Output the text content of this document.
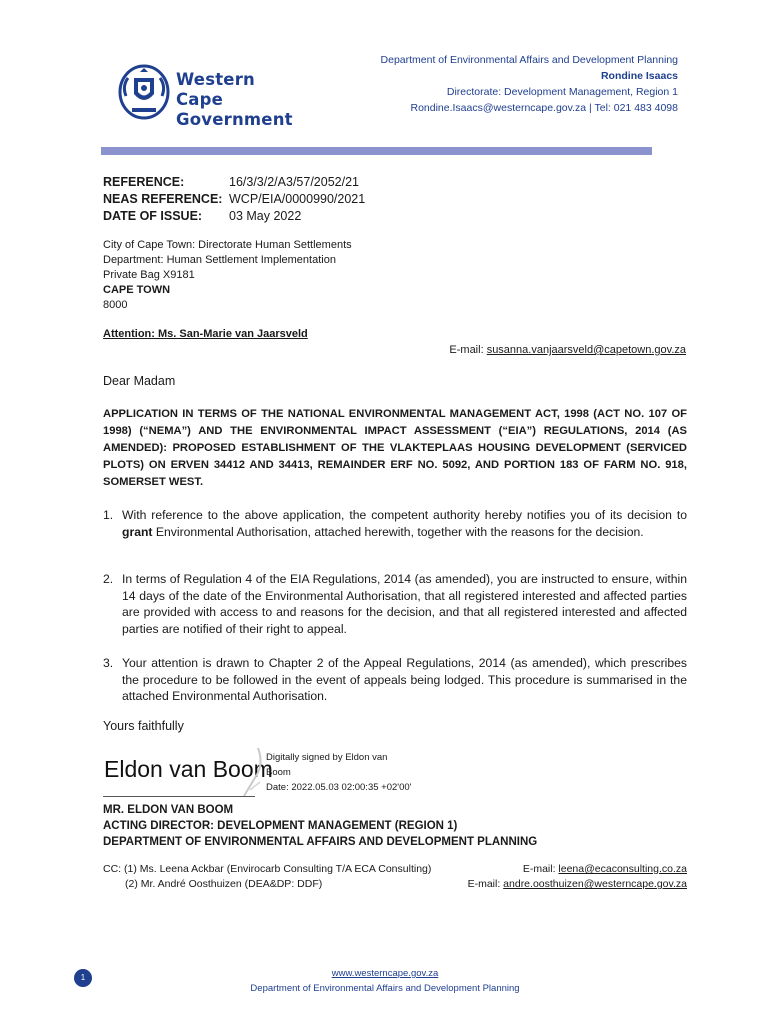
Western Cape
Government
Department of Environmental Affairs and Development Planning
Rondine Isaacs
Directorate: Development Management, Region 1
Rondine.Isaacs@westerncape.gov.za | Tel: 021 483 4098
REFERENCE:	16/3/3/2/A3/57/2052/21
NEAS REFERENCE: WCP/EIA/0000990/2021
DATE OF ISSUE:	03 May 2022
City of Cape Town: Directorate Human Settlements
Department: Human Settlement Implementation
Private Bag X9181
CAPE TOWN
8000
Attention: Ms. San-Marie van Jaarsveld
E-mail: susanna.vanjaarsveld@capetown.gov.za
Dear Madam
APPLICATION IN TERMS OF THE NATIONAL ENVIRONMENTAL MANAGEMENT ACT, 1998 (ACT NO. 107 OF 1998) (“NEMA”) AND THE ENVIRONMENTAL IMPACT ASSESSMENT (“EIA”) REGULATIONS, 2014 (AS AMENDED): PROPOSED ESTABLISHMENT OF THE VLAKTEPLAAS HOUSING DEVELOPMENT (SERVICED PLOTS) ON ERVEN 34412 AND 34413, REMAINDER ERF NO. 5092, AND PORTION 183 OF FARM NO. 918, SOMERSET WEST.
1. With reference to the above application, the competent authority hereby notifies you of its decision to grant Environmental Authorisation, attached herewith, together with the reasons for the decision.
2. In terms of Regulation 4 of the EIA Regulations, 2014 (as amended), you are instructed to ensure, within 14 days of the date of the Environmental Authorisation, that all registered interested and affected parties are provided with access to and reasons for the decision, and that all registered interested and affected parties are notified of their right to appeal.
3. Your attention is drawn to Chapter 2 of the Appeal Regulations, 2014 (as amended), which prescribes the procedure to be followed in the event of appeals being lodged. This procedure is summarised in the attached Environmental Authorisation.
Yours faithfully
Eldon van Boom
Digitally signed by Eldon van
Boom
Date: 2022.05.03 02:00:35 +02'00'
MR. ELDON VAN BOOM
ACTING DIRECTOR: DEVELOPMENT MANAGEMENT (REGION 1)
DEPARTMENT OF ENVIRONMENTAL AFFAIRS AND DEVELOPMENT PLANNING
CC: (1) Ms. Leena Ackbar (Envirocarb Consulting T/A ECA Consulting)	E-mail: leena@ecaconsulting.co.za
(2) Mr. André Oosthuizen (DEA&DP: DDF)	E-mail: andre.oosthuizen@westerncape.gov.za
1	www.westerncape.gov.za
Department of Environmental Affairs and Development Planning
